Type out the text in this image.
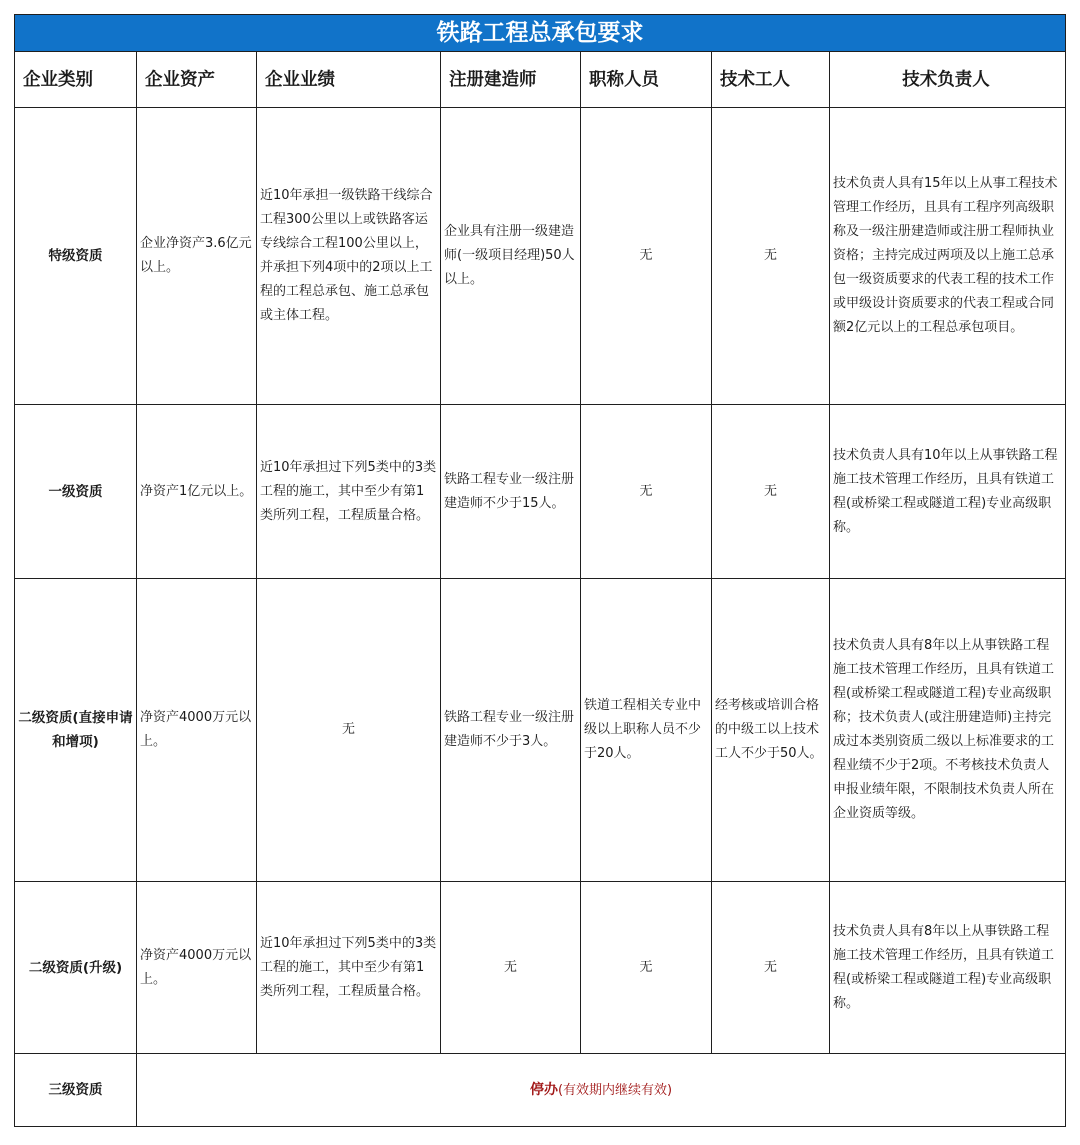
铁路工程总承包要求						
企业类别	企业资产	企业业绩	注册建造师	职称人员	技术工人	技术负责人
特级资质	企业净资产3.6亿元以上。	近10年承担一级铁路干线综合工程300公里以上或铁路客运专线综合工程100公里以上，并承担下列4项中的2项以上工程的工程总承包、施工总承包或主体工程。	企业具有注册一级建造师(一级项目经理)50人以上。	无	无	技术负责人具有15年以上从事工程技术管理工作经历，且具有工程序列高级职称及一级注册建造师或注册工程师执业资格；主持完成过两项及以上施工总承包一级资质要求的代表工程的技术工作或甲级设计资质要求的代表工程或合同额2亿元以上的工程总承包项目。
一级资质	净资产1亿元以上。	近10年承担过下列5类中的3类工程的施工，其中至少有第1类所列工程，工程质量合格。	铁路工程专业一级注册建造师不少于15人。	无	无	技术负责人具有10年以上从事铁路工程施工技术管理工作经历，且具有铁道工程(或桥梁工程或隧道工程)专业高级职称。
二级资质(直接申请和增项)	净资产4000万元以上。	无	铁路工程专业一级注册建造师不少于3人。	铁道工程相关专业中级以上职称人员不少于20人。	经考核或培训合格的中级工以上技术工人不少于50人。	技术负责人具有8年以上从事铁路工程施工技术管理工作经历，且具有铁道工程(或桥梁工程或隧道工程)专业高级职称；技术负责人(或注册建造师)主持完成过本类别资质二级以上标准要求的工程业绩不少于2项。不考核技术负责人申报业绩年限，不限制技术负责人所在企业资质等级。
二级资质(升级)	净资产4000万元以上。	近10年承担过下列5类中的3类工程的施工，其中至少有第1类所列工程，工程质量合格。	无	无	无	技术负责人具有8年以上从事铁路工程施工技术管理工作经历，且具有铁道工程(或桥梁工程或隧道工程)专业高级职称。
三级资质	停办(有效期内继续有效)					
